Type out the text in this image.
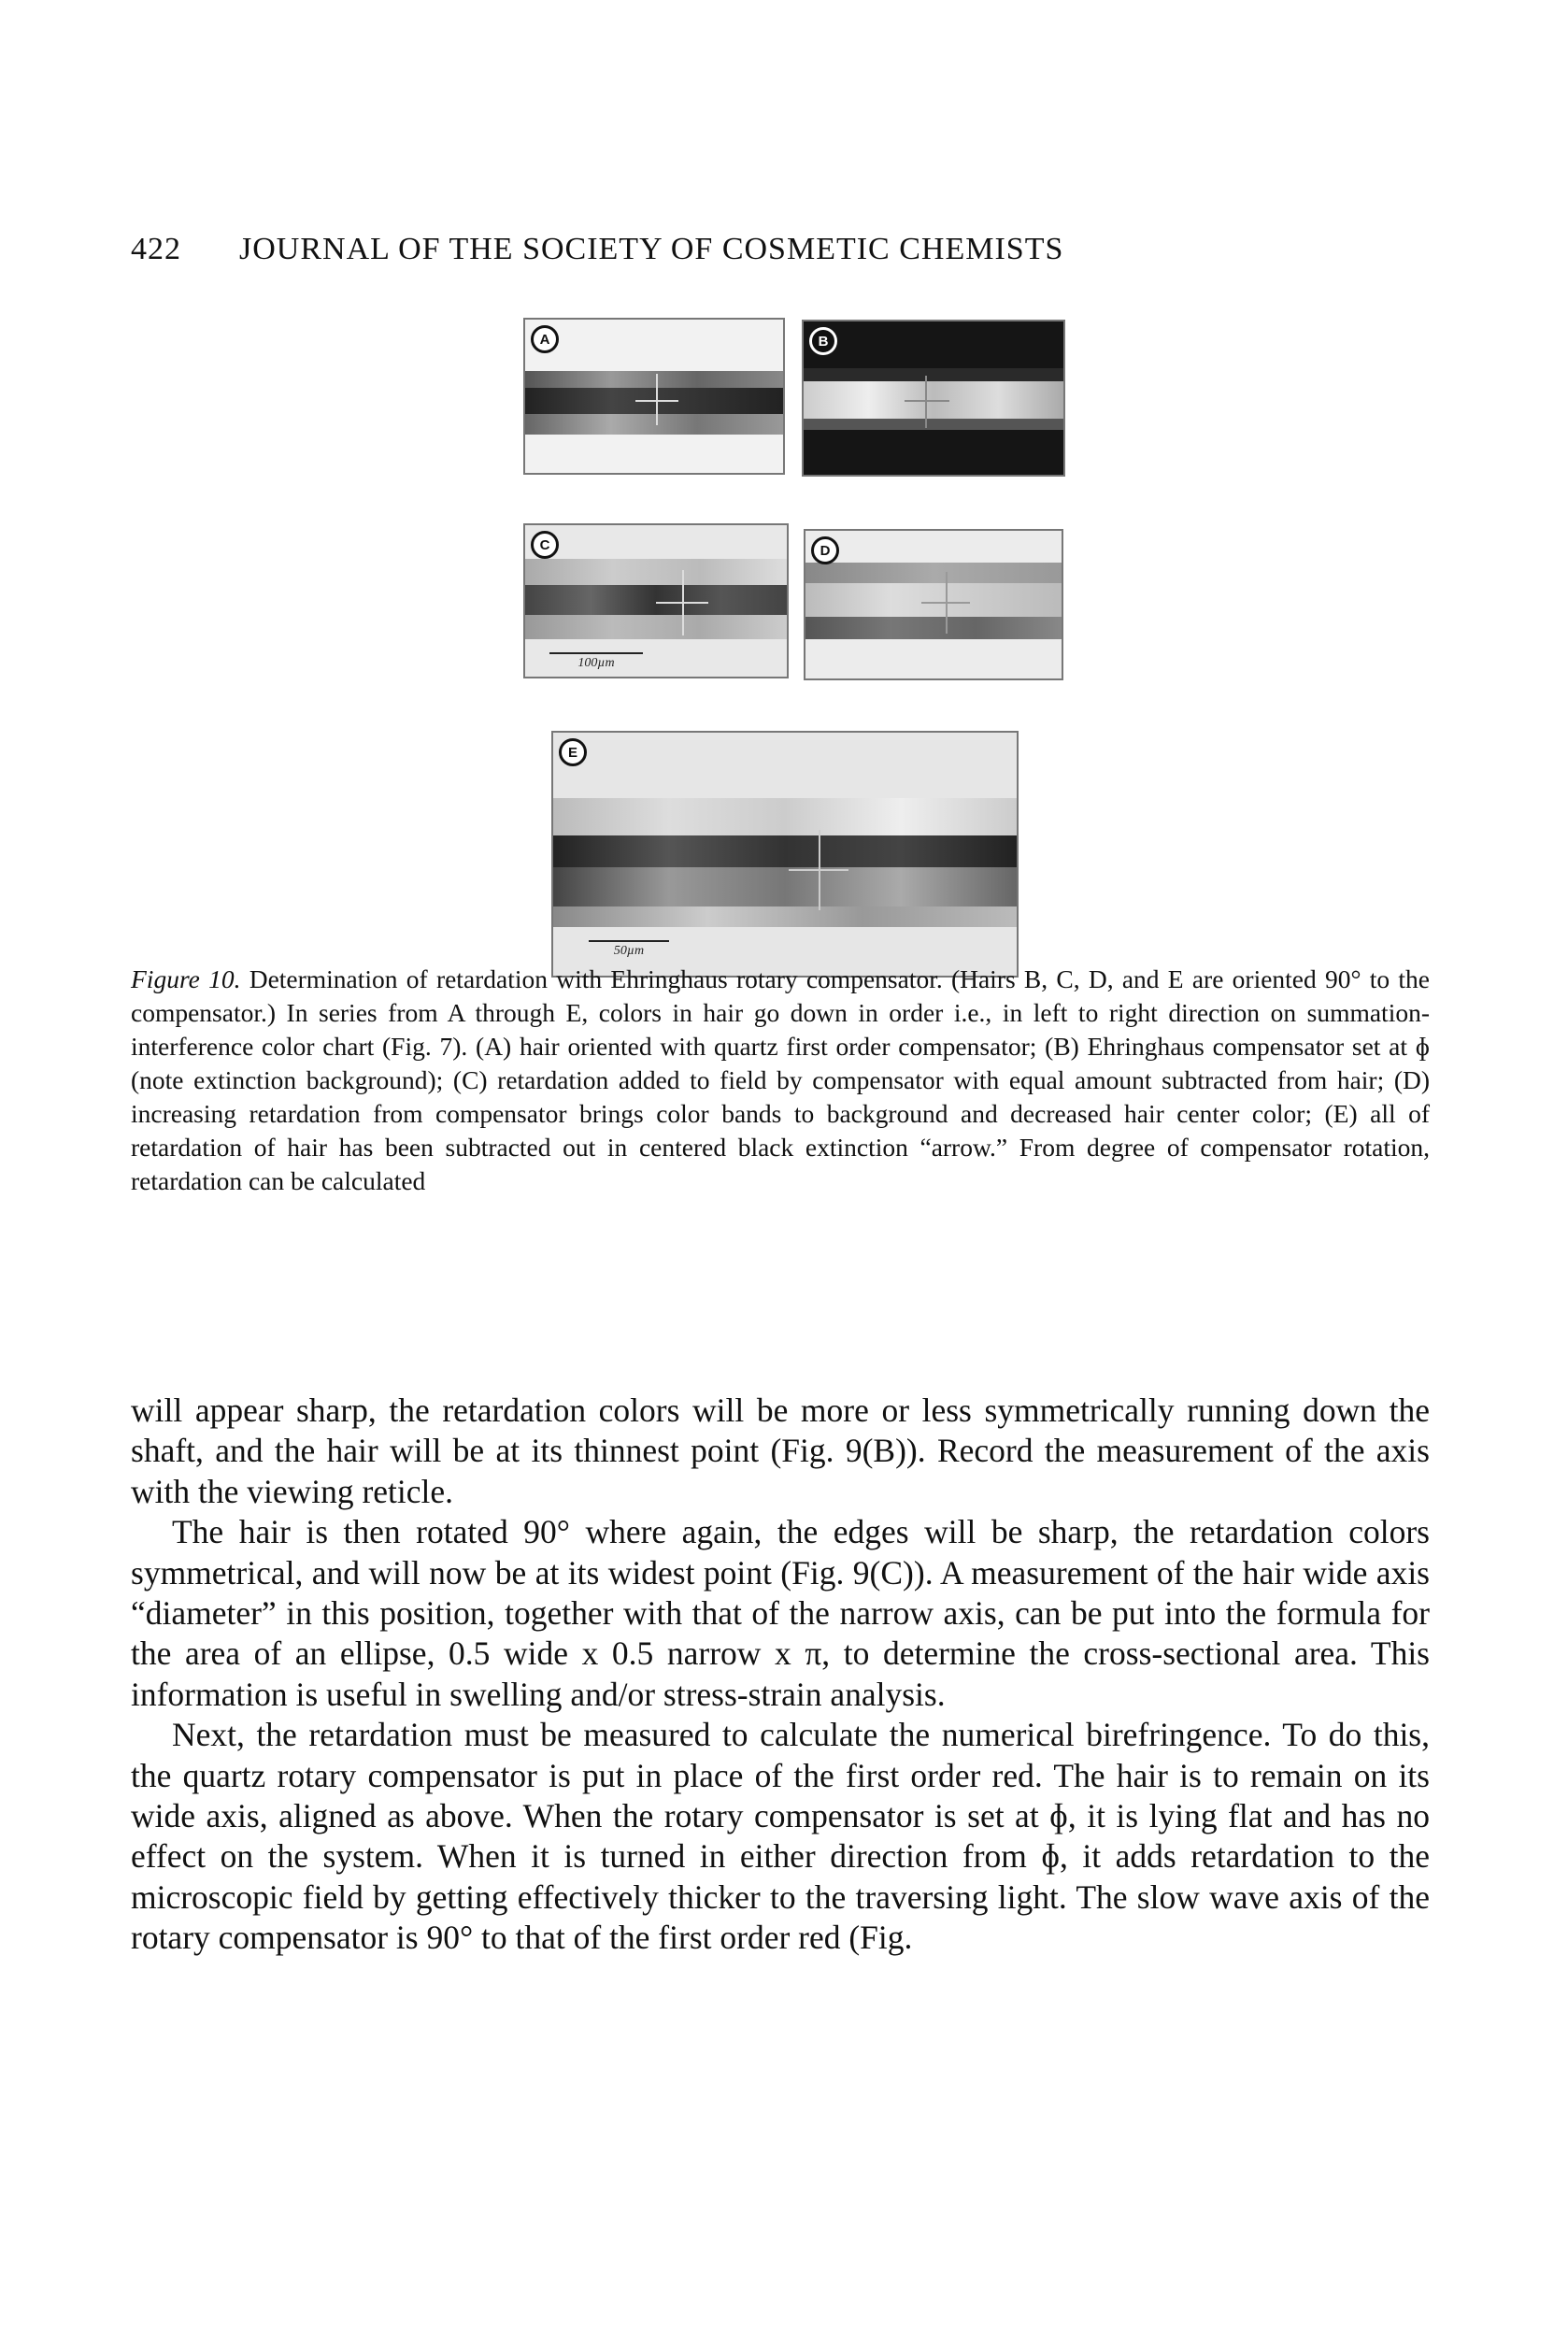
422 JOURNAL OF THE SOCIETY OF COSMETIC CHEMISTS
A	B
C
100µm
D
E
50µm
Figure 10. Determination of retardation with Ehringhaus rotary compensator. (Hairs B, C, D, and E are oriented 90° to the compensator.) In series from A through E, colors in hair go down in order i.e., in left to right direction on summation-interference color chart (Fig. 7). (A) hair oriented with quartz first order compensator; (B) Ehringhaus compensator set at ɸ (note extinction background); (C) retardation added to field by compensator with equal amount subtracted from hair; (D) increasing retardation from compensator brings color bands to background and decreased hair center color; (E) all of retardation of hair has been subtracted out in centered black extinction “arrow.” From degree of compensator rotation, retardation can be calculated

will appear sharp, the retardation colors will be more or less symmetrically running down the shaft, and the hair will be at its thinnest point (Fig. 9(B)). Record the measurement of the axis with the viewing reticle.

The hair is then rotated 90° where again, the edges will be sharp, the retardation colors symmetrical, and will now be at its widest point (Fig. 9(C)). A measurement of the hair wide axis “diameter” in this position, together with that of the narrow axis, can be put into the formula for the area of an ellipse, 0.5 wide x 0.5 narrow x π, to determine the cross-sectional area. This information is useful in swelling and/or stress-strain analysis.

Next, the retardation must be measured to calculate the numerical birefringence. To do this, the quartz rotary compensator is put in place of the first order red. The hair is to remain on its wide axis, aligned as above. When the rotary compensator is set at ɸ, it is lying flat and has no effect on the system. When it is turned in either direction from ɸ, it adds retardation to the microscopic field by getting effectively thicker to the traversing light. The slow wave axis of the rotary compensator is 90° to that of the first order red (Fig.
